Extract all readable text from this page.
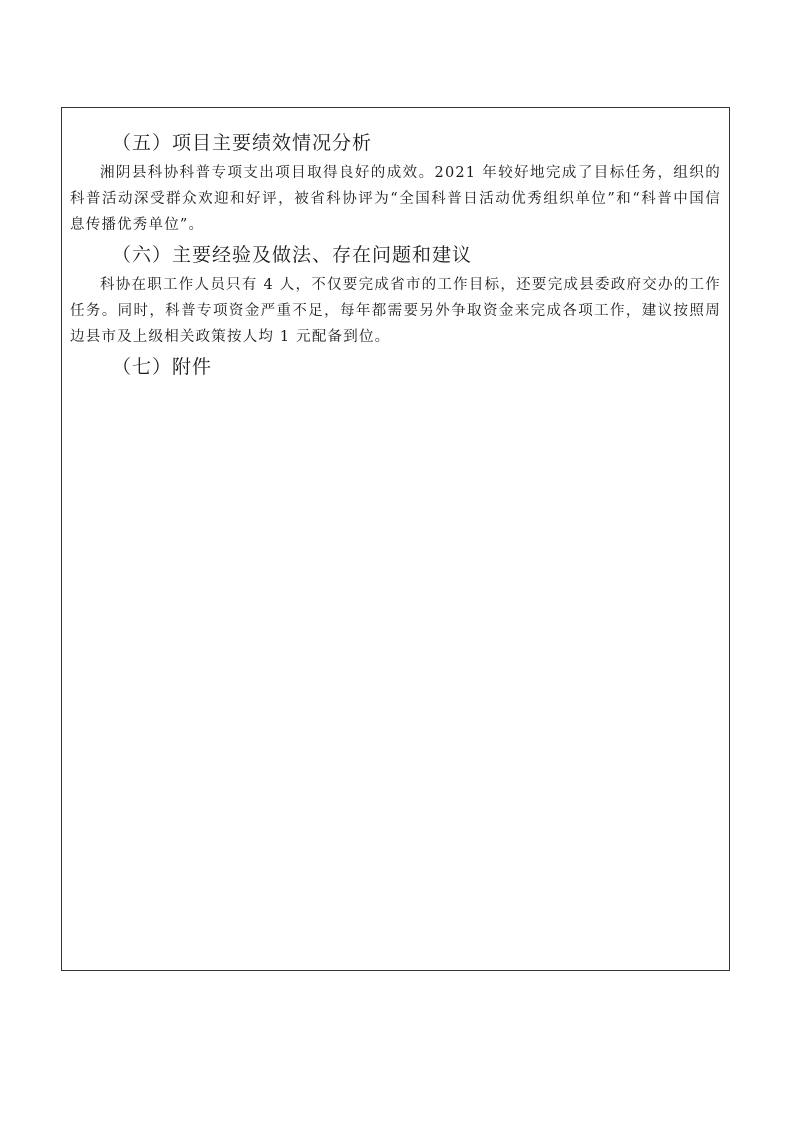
（五）项目主要绩效情况分析

湘阴县科协科普专项支出项目取得良好的成效。2021 年较好地完成了目标任务，组织的科普活动深受群众欢迎和好评，被省科协评为“全国科普日活动优秀组织单位”和“科普中国信息传播优秀单位”。

（六）主要经验及做法、存在问题和建议

科协在职工作人员只有 4 人，不仅要完成省市的工作目标，还要完成县委政府交办的工作任务。同时，科普专项资金严重不足，每年都需要另外争取资金来完成各项工作，建议按照周边县市及上级相关政策按人均 1 元配备到位。

（七）附件
